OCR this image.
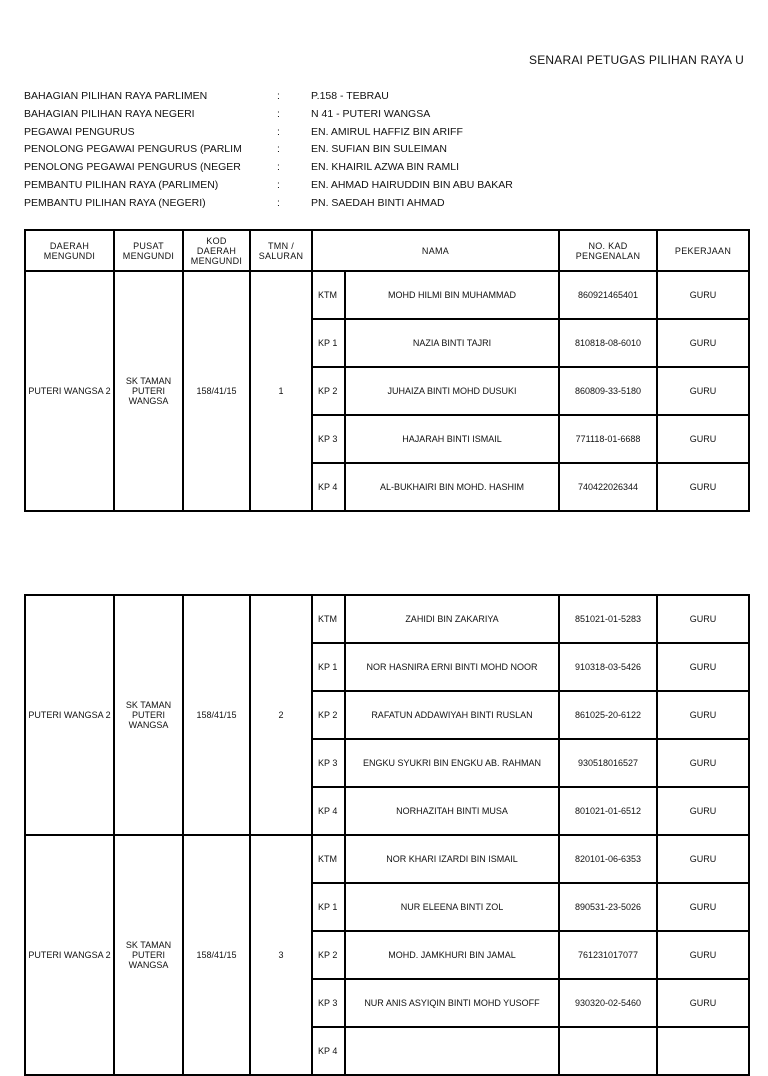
SENARAI PETUGAS PILIHAN RAYA U
BAHAGIAN PILIHAN RAYA PARLIMEN	:	P.158 - TEBRAU
BAHAGIAN PILIHAN RAYA NEGERI	:	N 41 - PUTERI WANGSA
PEGAWAI PENGURUS	:	EN. AMIRUL HAFFIZ BIN ARIFF
PENOLONG PEGAWAI PENGURUS (PARLIM	:	EN. SUFIAN BIN SULEIMAN
PENOLONG PEGAWAI PENGURUS (NEGER	:	EN. KHAIRIL AZWA BIN RAMLI
PEMBANTU PILIHAN RAYA (PARLIMEN)	:	EN. AHMAD HAIRUDDIN BIN ABU BAKAR
PEMBANTU PILIHAN RAYA (NEGERI)	:	PN. SAEDAH BINTI AHMAD
DAERAH MENGUNDI	PUSAT MENGUNDI	KOD DAERAH MENGUNDI	TMN / SALURAN	NAMA		NO. KAD PENGENALAN	PEKERJAAN
PUTERI WANGSA 2	SK TAMAN PUTERI WANGSA	158/41/15	1	KTM	MOHD HILMI BIN MUHAMMAD	860921465401	GURU
				KP 1	NAZIA BINTI TAJRI	810818-08-6010	GURU
				KP 2	JUHAIZA BINTI MOHD DUSUKI	860809-33-5180	GURU
				KP 3	HAJARAH BINTI ISMAIL	771118-01-6688	GURU
				KP 4	AL-BUKHAIRI BIN MOHD. HASHIM	740422026344	GURU
PUTERI WANGSA 2	SK TAMAN PUTERI WANGSA	158/41/15	2	KTM	ZAHIDI BIN ZAKARIYA	851021-01-5283	GURU
				KP 1	NOR HASNIRA ERNI BINTI MOHD NOOR	910318-03-5426	GURU
				KP 2	RAFATUN ADDAWIYAH BINTI RUSLAN	861025-20-6122	GURU
				KP 3	ENGKU SYUKRI BIN ENGKU AB. RAHMAN	930518016527	GURU
				KP 4	NORHAZITAH BINTI MUSA	801021-01-6512	GURU
PUTERI WANGSA 2	SK TAMAN PUTERI WANGSA	158/41/15	3	KTM	NOR KHARI IZARDI BIN ISMAIL	820101-06-6353	GURU
				KP 1	NUR ELEENA BINTI ZOL	890531-23-5026	GURU
				KP 2	MOHD. JAMKHURI BIN JAMAL	761231017077	GURU
				KP 3	NUR ANIS ASYIQIN BINTI MOHD YUSOFF	930320-02-5460	GURU
				KP 4			
